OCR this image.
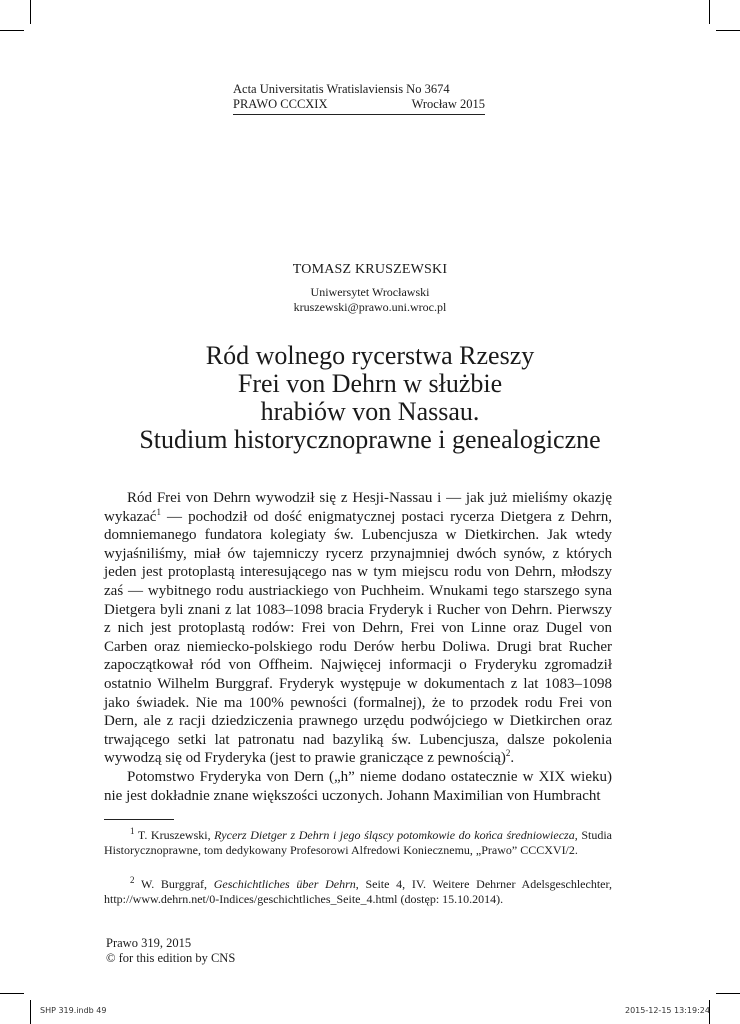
Acta Universitatis Wratislaviensis No 3674
PRAWO CCCXIX	Wrocław 2015
TOMASZ KRUSZEWSKI
Uniwersytet Wrocławski
kruszewski@prawo.uni.wroc.pl
Ród wolnego rycerstwa Rzeszy
Frei von Dehrn w służbie
hrabiów von Nassau.
Studium historycznoprawne i genealogiczne

Ród Frei von Dehrn wywodził się z Hesji-Nassau i — jak już mieliśmy okazję wykazać$^1$ — pochodził od dość enigmatycznej postaci rycerza Dietgera z Dehrn, domniemanego fundatora kolegiaty św. Lubencjusza w Dietkirchen. Jak wtedy wyjaśniliśmy, miał ów tajemniczy rycerz przynajmniej dwóch synów, z których jeden jest protoplastą interesującego nas w tym miejscu rodu von Dehrn, młodszy zaś — wybitnego rodu austriackiego von Puchheim. Wnukami tego starszego syna Dietgera byli znani z lat 1083–1098 bracia Fryderyk i Rucher von Dehrn. Pierwszy z nich jest protoplastą rodów: Frei von Dehrn, Frei von Linne oraz Dugel von Carben oraz niemiecko-polskiego rodu Derów herbu Doliwa. Drugi brat Rucher zapoczątkował ród von Offheim. Najwięcej informacji o Fryderyku zgromadził ostatnio Wilhelm Burggraf. Fryderyk występuje w dokumentach z lat 1083–1098 jako świadek. Nie ma 100% pewności (formalnej), że to przodek rodu Frei von Dern, ale z racji dziedziczenia prawnego urzędu podwójciego w Dietkirchen oraz trwającego setki lat patronatu nad bazyliką św. Lubencjusza, dalsze pokolenia wywodzą się od Fryderyka (jest to prawie graniczące z pewnością)$^2$.

Potomstwo Fryderyka von Dern („h” nieme dodano ostatecznie w XIX wieku) nie jest dokładnie znane większości uczonych. Johann Maximilian von Humbracht

$^1$ T. Kruszewski, Rycerz Dietger z Dehrn i jego śląscy potomkowie do końca średniowiecza, Studia Historycznoprawne, tom dedykowany Profesorowi Alfredowi Koniecznemu, „Prawo” CCCXVI/2.

$^2$ W. Burggraf, Geschichtliches über Dehrn, Seite 4, IV. Weitere Dehrner Adelsgeschlechter, http://www.dehrn.net/0-Indices/geschichtliches_Seite_4.html (dostęp: 15.10.2014).

Prawo 319, 2015
© for this edition by CNS
SHP 319.indb 49	2015-12-15 13:19:24
